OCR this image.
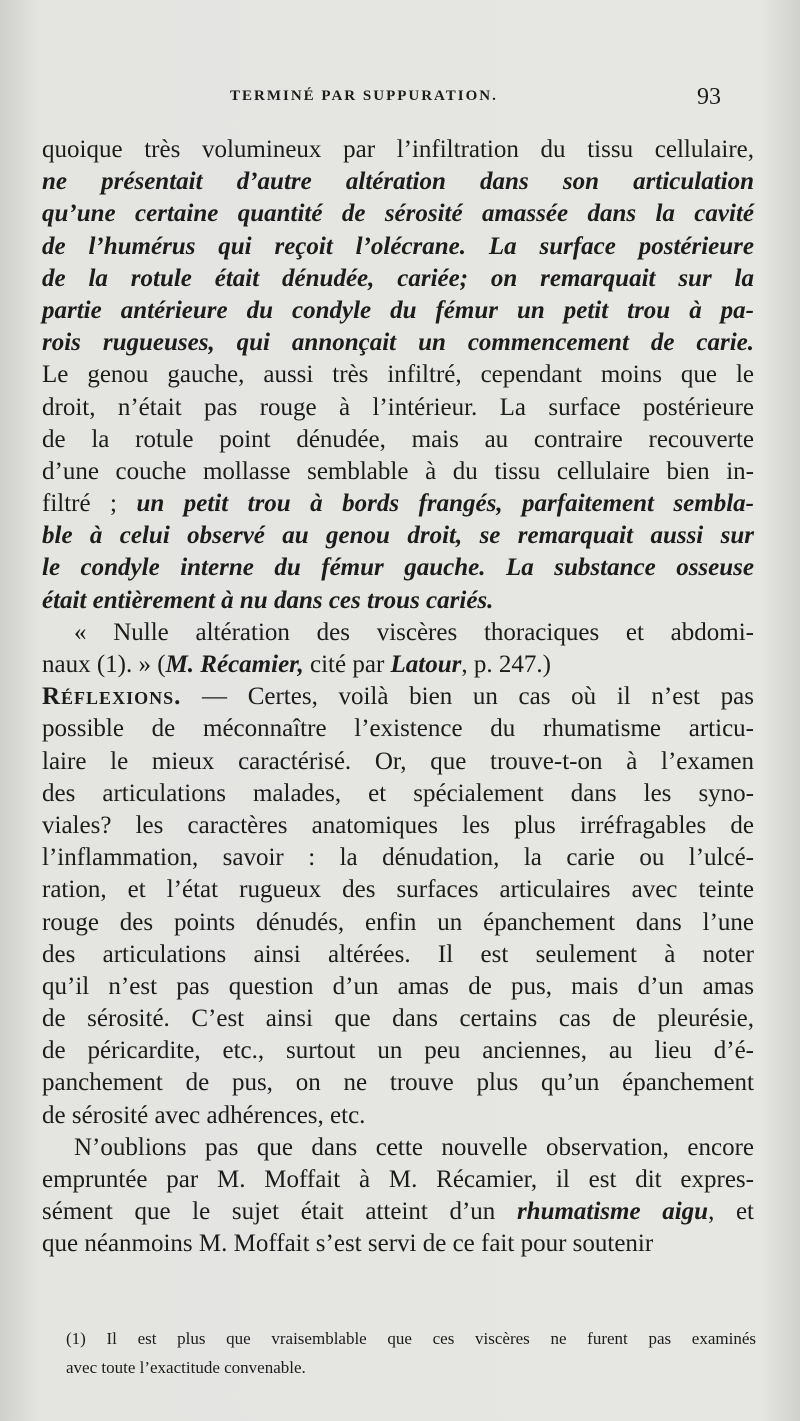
TERMINÉ PAR SUPPURATION.	93
quoique très volumineux par l’infiltration du tissu cellulaire,
ne présentait d’autre altération dans son articulation
qu’une certaine quantité de sérosité amassée dans la cavité
de l’humérus qui reçoit l’olécrane. La surface postérieure
de la rotule était dénudée, cariée; on remarquait sur la
partie antérieure du condyle du fémur un petit trou à pa-
rois rugueuses, qui annonçait un commencement de carie.
Le genou gauche, aussi très infiltré, cependant moins que le
droit, n’était pas rouge à l’intérieur. La surface postérieure
de la rotule point dénudée, mais au contraire recouverte
d’une couche mollasse semblable à du tissu cellulaire bien in-
filtré ; un petit trou à bords frangés, parfaitement sembla-
ble à celui observé au genou droit, se remarquait aussi sur
le condyle interne du fémur gauche. La substance osseuse
était entièrement à nu dans ces trous cariés.
« Nulle altération des viscères thoraciques et abdomi-
naux (1). » (M. Récamier, cité par Latour, p. 247.)
Réflexions. — Certes, voilà bien un cas où il n’est pas
possible de méconnaître l’existence du rhumatisme articu-
laire le mieux caractérisé. Or, que trouve-t-on à l’examen
des articulations malades, et spécialement dans les syno-
viales? les caractères anatomiques les plus irréfragables de
l’inflammation, savoir : la dénudation, la carie ou l’ulcé-
ration, et l’état rugueux des surfaces articulaires avec teinte
rouge des points dénudés, enfin un épanchement dans l’une
des articulations ainsi altérées. Il est seulement à noter
qu’il n’est pas question d’un amas de pus, mais d’un amas
de sérosité. C’est ainsi que dans certains cas de pleurésie,
de péricardite, etc., surtout un peu anciennes, au lieu d’é-
panchement de pus, on ne trouve plus qu’un épanchement
de sérosité avec adhérences, etc.
N’oublions pas que dans cette nouvelle observation, encore
empruntée par M. Moffait à M. Récamier, il est dit expres-
sément que le sujet était atteint d’un rhumatisme aigu, et
que néanmoins M. Moffait s’est servi de ce fait pour soutenir
(1) Il est plus que vraisemblable que ces viscères ne furent pas examinés
avec toute l’exactitude convenable.
